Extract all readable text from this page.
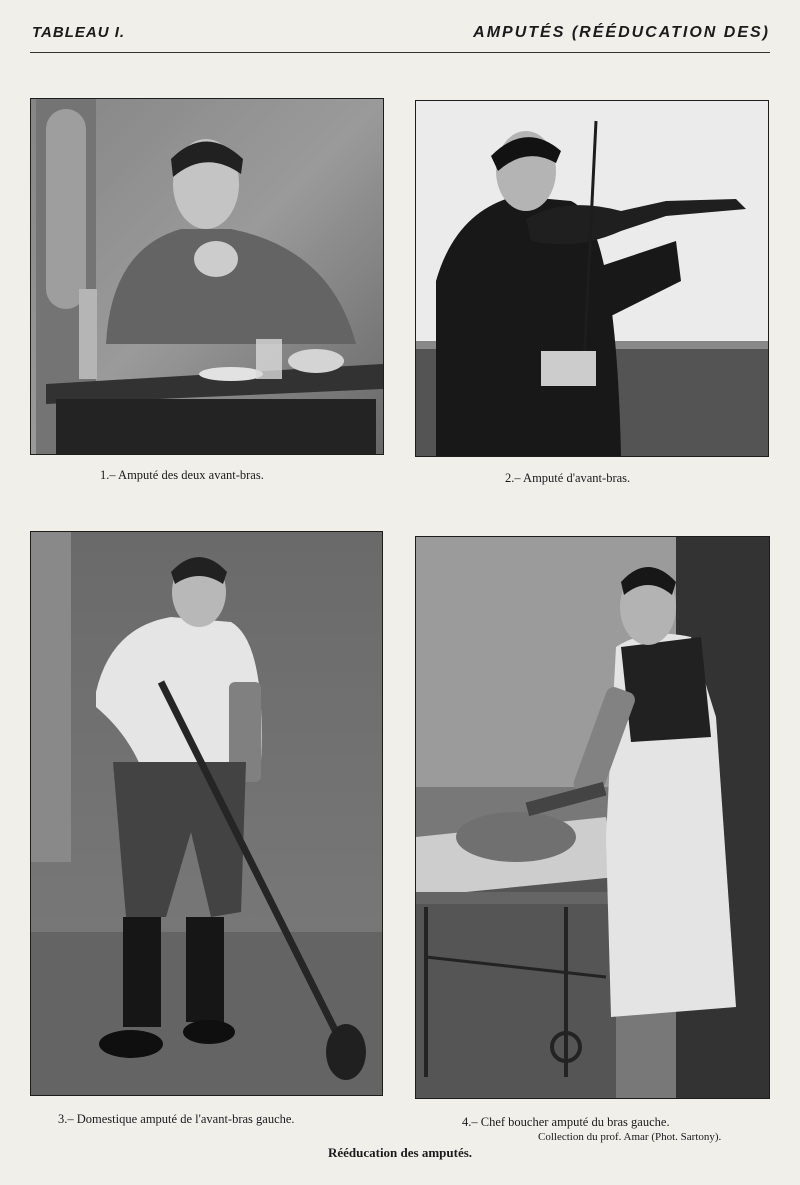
TABLEAU I.	AMPUTÉS (RÉÉDUCATION DES)
1.– Amputé des deux avant-bras.	2.– Amputé d'avant-bras.
3.– Domestique amputé de l'avant-bras gauche.	4.– Chef boucher amputé du bras gauche.
Collection du prof. Amar (Phot. Sartony).
Rééducation des amputés.
